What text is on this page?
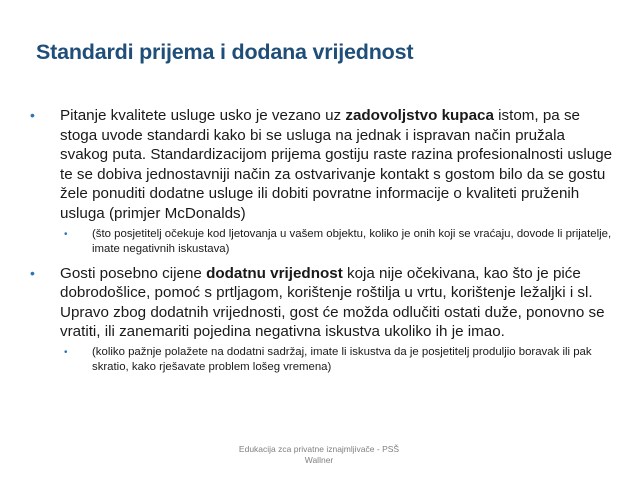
Standardi prijema i dodana vrijednost
• Pitanje kvalitete usluge usko je vezano uz zadovoljstvo kupaca istom, pa se stoga uvode standardi kako bi se usluga na jednak i ispravan način pružala svakog puta. Standardizacijom prijema gostiju raste razina profesionalnosti usluge te se dobiva jednostavniji način za ostvarivanje kontakt s gostom bilo da se gostu žele ponuditi dodatne usluge ili dobiti povratne informacije o kvaliteti pruženih usluga (primjer McDonalds)
• (što posjetitelj očekuje kod ljetovanja u vašem objektu, koliko je onih koji se vraćaju, dovode li prijatelje, imate negativnih iskustava)
• Gosti posebno cijene dodatnu vrijednost koja nije očekivana, kao što je piće dobrodošlice, pomoć s prtljagom, korištenje roštilja u vrtu, korištenje ležaljki i sl. Upravo zbog dodatnih vrijednosti, gost će možda odlučiti ostati duže, ponovno se vratiti, ili zanemariti pojedina negativna iskustva ukoliko ih je imao.
• (koliko pažnje polažete na dodatni sadržaj, imate li iskustva da je posjetitelj produljio boravak ili pak skratio, kako rješavate problem lošeg vremena)
Edukacija zca privatne iznajmljivače - PSŠ
Wallner
